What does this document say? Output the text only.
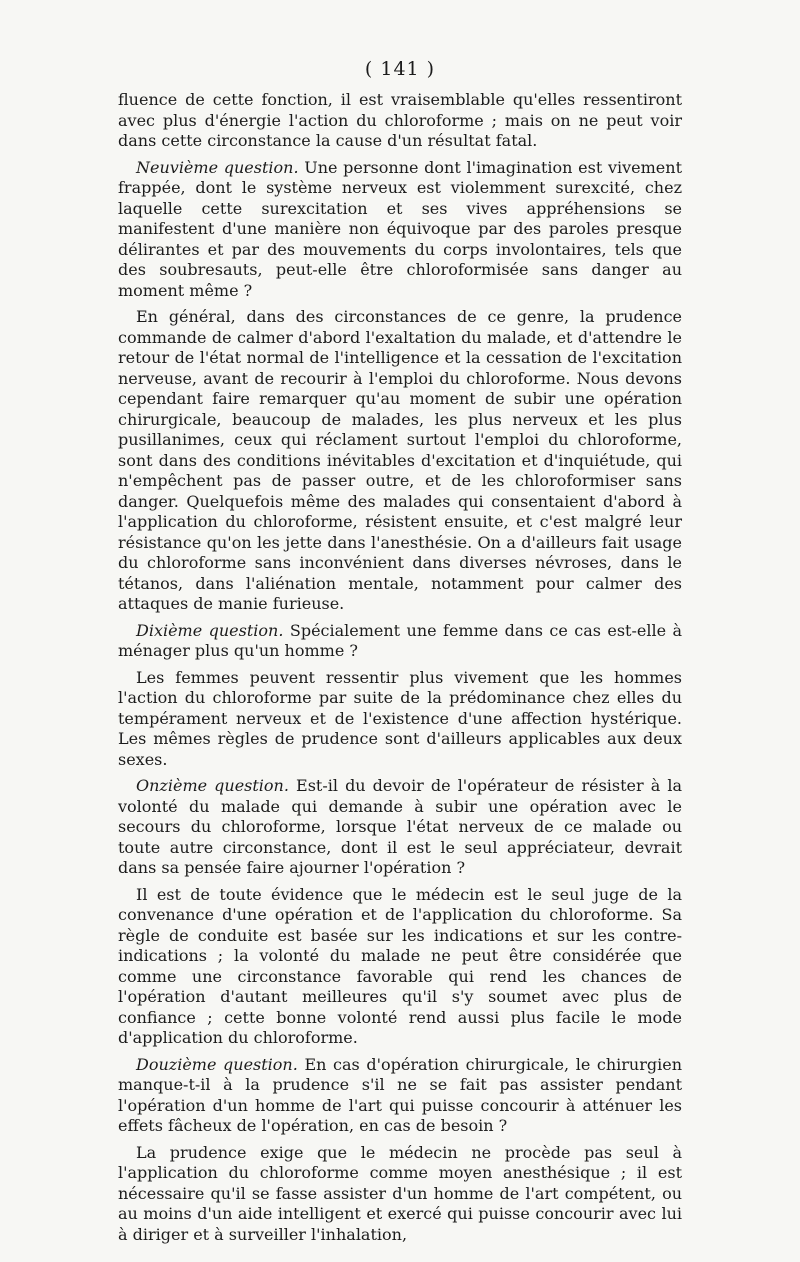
( 141 )

fluence de cette fonction, il est vraisemblable qu'elles ressentiront avec plus d'énergie l'action du chloroforme ; mais on ne peut voir dans cette circonstance la cause d'un résultat fatal.

Neuvième question. Une personne dont l'imagination est vivement frappée, dont le système nerveux est violemment surexcité, chez laquelle cette surexcitation et ses vives appréhensions se manifestent d'une manière non équivoque par des paroles presque délirantes et par des mouvements du corps involontaires, tels que des soubresauts, peut-elle être chloroformisée sans danger au moment même ?

En général, dans des circonstances de ce genre, la prudence commande de calmer d'abord l'exaltation du malade, et d'attendre le retour de l'état normal de l'intelligence et la cessation de l'excitation nerveuse, avant de recourir à l'emploi du chloroforme. Nous devons cependant faire remarquer qu'au moment de subir une opération chirurgicale, beaucoup de malades, les plus nerveux et les plus pusillanimes, ceux qui réclament surtout l'emploi du chloroforme, sont dans des conditions inévitables d'excitation et d'inquiétude, qui n'empêchent pas de passer outre, et de les chloroformiser sans danger. Quelquefois même des malades qui consentaient d'abord à l'application du chloroforme, résistent ensuite, et c'est malgré leur résistance qu'on les jette dans l'anesthésie. On a d'ailleurs fait usage du chloroforme sans inconvénient dans diverses névroses, dans le tétanos, dans l'aliénation mentale, notamment pour calmer des attaques de manie furieuse.

Dixième question. Spécialement une femme dans ce cas est-elle à ménager plus qu'un homme ?

Les femmes peuvent ressentir plus vivement que les hommes l'action du chloroforme par suite de la prédominance chez elles du tempérament nerveux et de l'existence d'une affection hystérique. Les mêmes règles de prudence sont d'ailleurs applicables aux deux sexes.

Onzième question. Est-il du devoir de l'opérateur de résister à la volonté du malade qui demande à subir une opération avec le secours du chloroforme, lorsque l'état nerveux de ce malade ou toute autre circonstance, dont il est le seul appréciateur, devrait dans sa pensée faire ajourner l'opération ?

Il est de toute évidence que le médecin est le seul juge de la convenance d'une opération et de l'application du chloroforme. Sa règle de conduite est basée sur les indications et sur les contre-indications ; la volonté du malade ne peut être considérée que comme une circonstance favorable qui rend les chances de l'opération d'autant meilleures qu'il s'y soumet avec plus de confiance ; cette bonne volonté rend aussi plus facile le mode d'application du chloroforme.

Douzième question. En cas d'opération chirurgicale, le chirurgien manque-t-il à la prudence s'il ne se fait pas assister pendant l'opération d'un homme de l'art qui puisse concourir à atténuer les effets fâcheux de l'opération, en cas de besoin ?

La prudence exige que le médecin ne procède pas seul à l'application du chloroforme comme moyen anesthésique ; il est nécessaire qu'il se fasse assister d'un homme de l'art compétent, ou au moins d'un aide intelligent et exercé qui puisse concourir avec lui à diriger et à surveiller l'inhalation,
